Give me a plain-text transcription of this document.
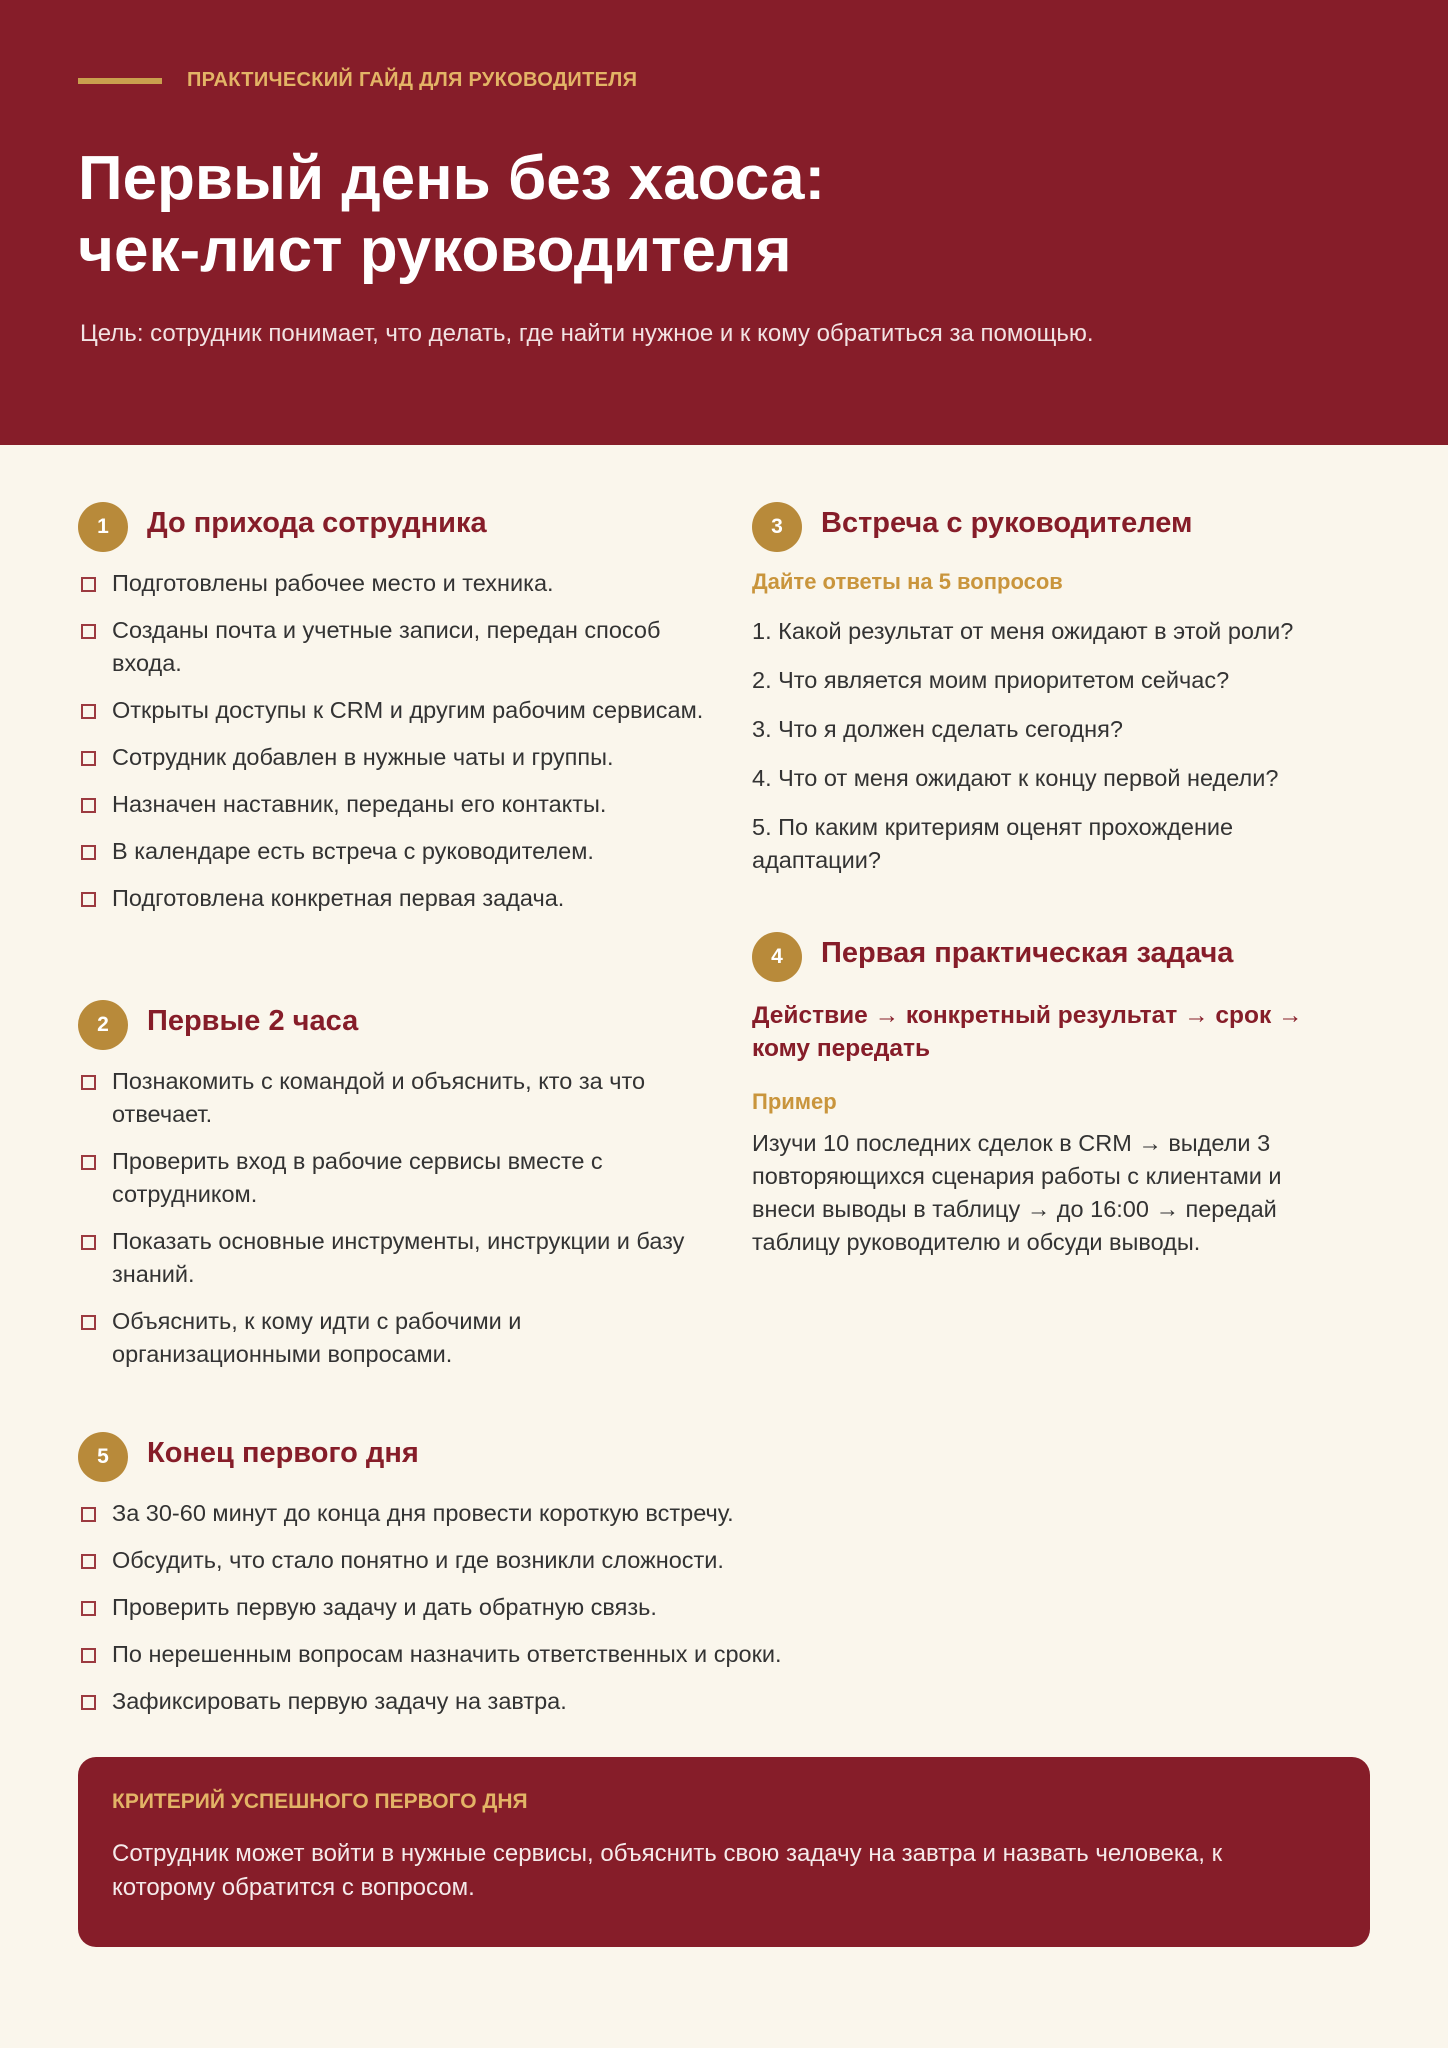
ПРАКТИЧЕСКИЙ ГАЙД ДЛЯ РУКОВОДИТЕЛЯ
Первый день без хаоса:
чек-лист руководителя
Цель: сотрудник понимает, что делать, где найти нужное и к кому обратиться за помощью.
1	До прихода сотрудника
Подготовлены рабочее место и техника.
Созданы почта и учетные записи, передан способ входа.
Открыты доступы к CRM и другим рабочим сервисам.
Сотрудник добавлен в нужные чаты и группы.
Назначен наставник, переданы его контакты.
В календаре есть встреча с руководителем.
Подготовлена конкретная первая задача.
2	Первые 2 часа
Познакомить с командой и объяснить, кто за что отвечает.
Проверить вход в рабочие сервисы вместе с сотрудником.
Показать основные инструменты, инструкции и базу знаний.
Объяснить, к кому идти с рабочими и организационными вопросами.
3	Встреча с руководителем
Дайте ответы на 5 вопросов
1. Какой результат от меня ожидают в этой роли?
2. Что является моим приоритетом сейчас?
3. Что я должен сделать сегодня?
4. Что от меня ожидают к концу первой недели?
5. По каким критериям оценят прохождение адаптации?
4	Первая практическая задача
Действие → конкретный результат → срок → кому передать
Пример
Изучи 10 последних сделок в CRM → выдели 3 повторяющихся сценария работы с клиентами и внеси выводы в таблицу → до 16:00 → передай таблицу руководителю и обсуди выводы.
5	Конец первого дня
За 30-60 минут до конца дня провести короткую встречу.
Обсудить, что стало понятно и где возникли сложности.
Проверить первую задачу и дать обратную связь.
По нерешенным вопросам назначить ответственных и сроки.
Зафиксировать первую задачу на завтра.
КРИТЕРИЙ УСПЕШНОГО ПЕРВОГО ДНЯ
Сотрудник может войти в нужные сервисы, объяснить свою задачу на завтра и назвать человека, к которому обратится с вопросом.
